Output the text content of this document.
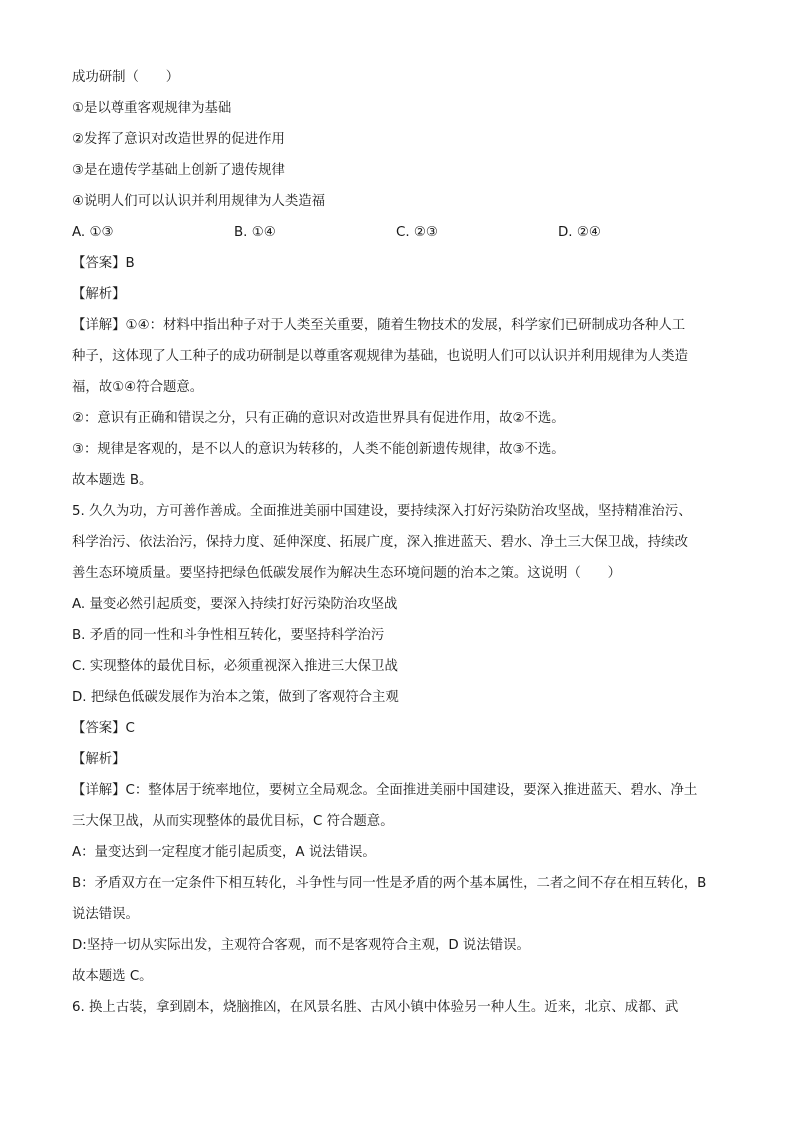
成功研制（　　）
①是以尊重客观规律为基础
②发挥了意识对改造世界的促进作用
③是在遗传学基础上创新了遗传规律
④说明人们可以认识并利用规律为人类造福
A. ①③	B. ①④	C. ②③	D. ②④
【答案】B
【解析】
【详解】①④：材料中指出种子对于人类至关重要，随着生物技术的发展，科学家们已研制成功各种人工
种子，这体现了人工种子的成功研制是以尊重客观规律为基础，也说明人们可以认识并利用规律为人类造
福，故①④符合题意。
②：意识有正确和错误之分，只有正确的意识对改造世界具有促进作用，故②不选。
③：规律是客观的，是不以人的意识为转移的，人类不能创新遗传规律，故③不选。
故本题选 B。
5. 久久为功，方可善作善成。全面推进美丽中国建设，要持续深入打好污染防治攻坚战，坚持精准治污、
科学治污、依法治污，保持力度、延伸深度、拓展广度，深入推进蓝天、碧水、净土三大保卫战，持续改
善生态环境质量。要坚持把绿色低碳发展作为解决生态环境问题的治本之策。这说明（　　）
A. 量变必然引起质变，要深入持续打好污染防治攻坚战
B. 矛盾的同一性和斗争性相互转化，要坚持科学治污
C. 实现整体的最优目标，必须重视深入推进三大保卫战
D. 把绿色低碳发展作为治本之策，做到了客观符合主观
【答案】C
【解析】
【详解】C：整体居于统率地位，要树立全局观念。全面推进美丽中国建设，要深入推进蓝天、碧水、净土
三大保卫战，从而实现整体的最优目标，C 符合题意。
A：量变达到一定程度才能引起质变，A 说法错误。
B：矛盾双方在一定条件下相互转化，斗争性与同一性是矛盾的两个基本属性，二者之间不存在相互转化，B
说法错误。
D:坚持一切从实际出发，主观符合客观，而不是客观符合主观，D 说法错误。
故本题选 C。
6. 换上古装，拿到剧本，烧脑推凶，在风景名胜、古风小镇中体验另一种人生。近来，北京、成都、武
